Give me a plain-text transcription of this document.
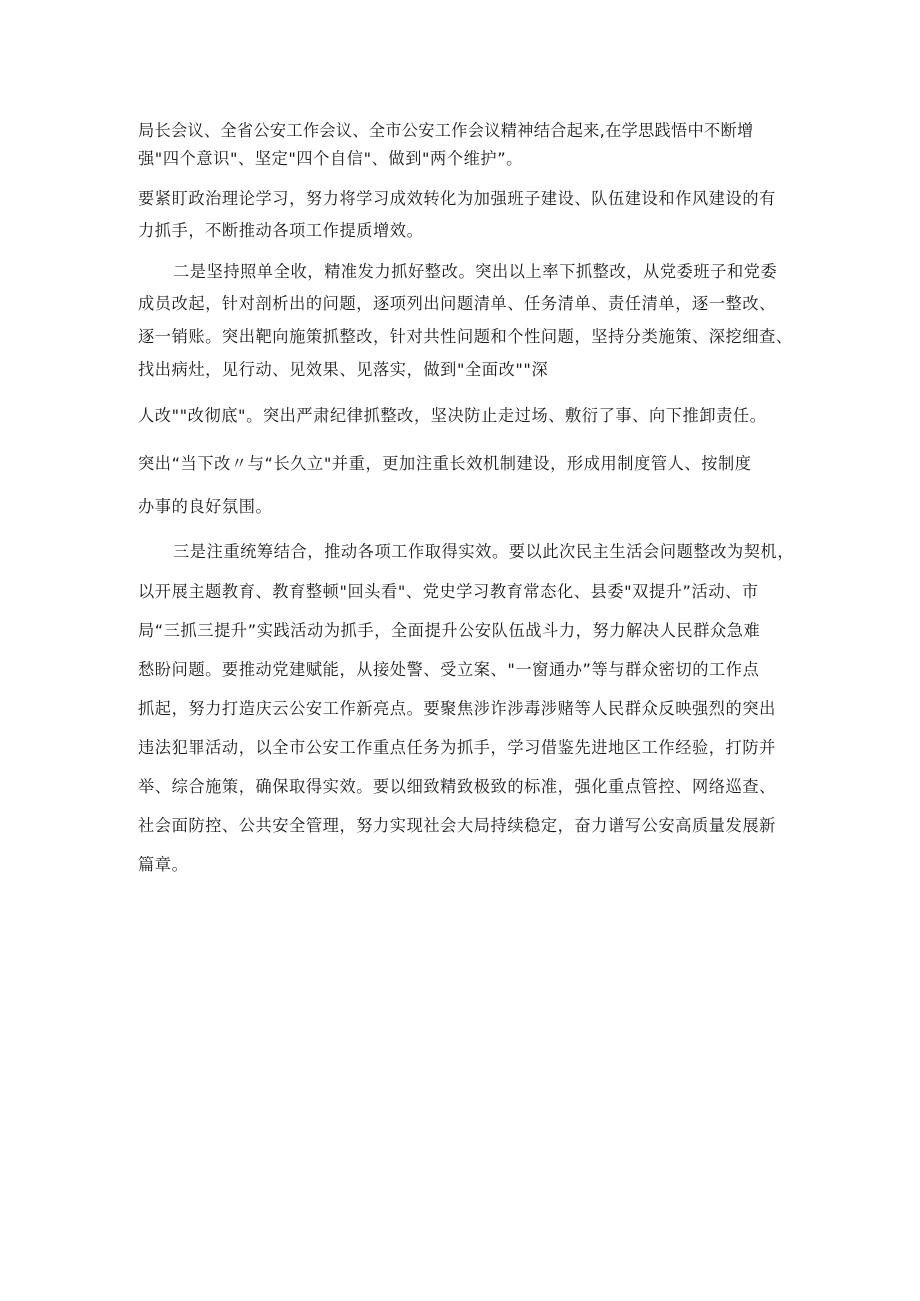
局长会议、全省公安工作会议、全市公安工作会议精神结合起来,在学思践悟中不断增

强"四个意识"、坚定"四个自信"、做到"两个维护”。

要紧盯政治理论学习，努力将学习成效转化为加强班子建设、队伍建设和作风建设的有

力抓手，不断推动各项工作提质增效。

二是坚持照单全收，精准发力抓好整改。突出以上率下抓整改，从党委班子和党委

成员改起，针对剖析出的问题，逐项列出问题清单、任务清单、责任清单，逐一整改、

逐一销账。突出靶向施策抓整改，针对共性问题和个性问题，坚持分类施策、深挖细查、

找出病灶，见行动、见效果、见落实，做到"全面改""深

人改""改彻底"。突出严肃纪律抓整改，坚决防止走过场、敷衍了事、向下推卸责任。

突出“当下改〃与“长久立"并重，更加注重长效机制建设，形成用制度管人、按制度

办事的良好氛围。

三是注重统筹结合，推动各项工作取得实效。要以此次民主生活会问题整改为契机，

以开展主题教育、教育整顿"回头看"、党史学习教育常态化、县委"双提升”活动、市

局“三抓三提升”实践活动为抓手，全面提升公安队伍战斗力，努力解决人民群众急难

愁盼问题。要推动党建赋能，从接处警、受立案、"一窗通办”等与群众密切的工作点

抓起，努力打造庆云公安工作新亮点。要聚焦涉诈涉毒涉赌等人民群众反映强烈的突出

违法犯罪活动，以全市公安工作重点任务为抓手，学习借鉴先进地区工作经验，打防并

举、综合施策，确保取得实效。要以细致精致极致的标准，强化重点管控、网络巡查、

社会面防控、公共安全管理，努力实现社会大局持续稳定，奋力谱写公安高质量发展新

篇章。
